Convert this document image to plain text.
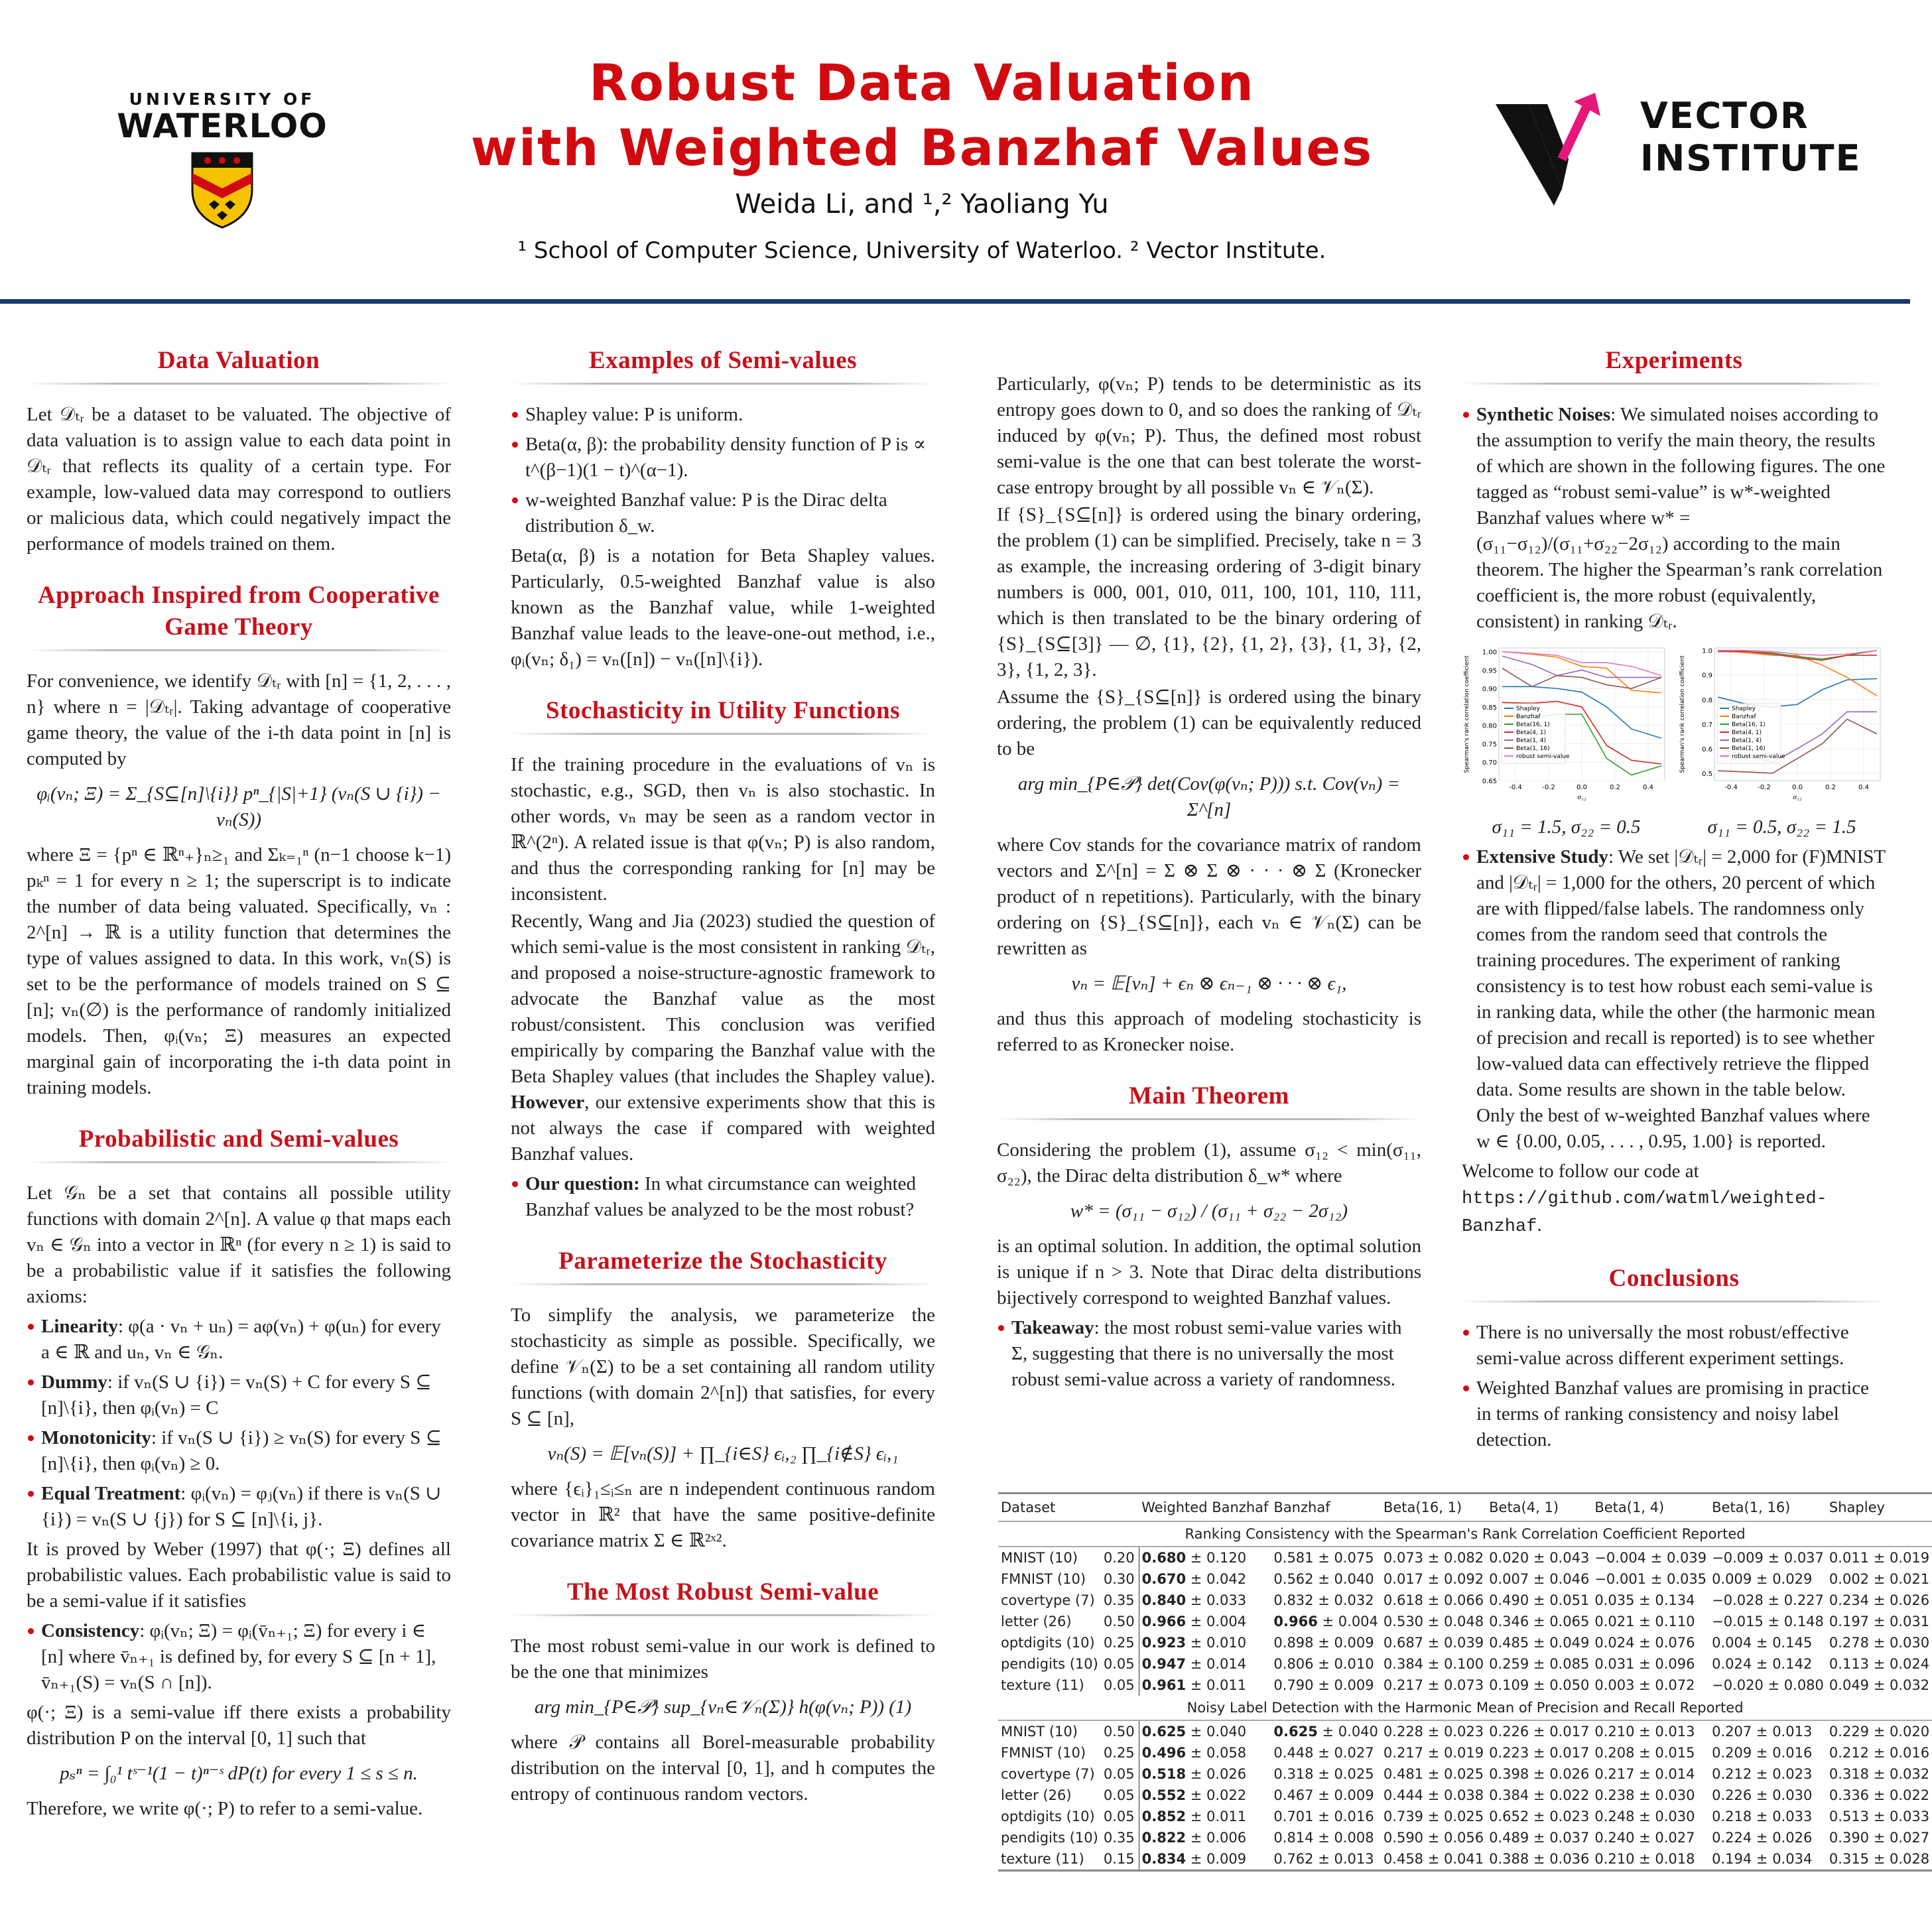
UNIVERSITY OF
WATERLOO
Robust Data Valuation
with Weighted Banzhaf Values
Weida Li, and ¹,² Yaoliang Yu
¹ School of Computer Science, University of Waterloo. ² Vector Institute.
VECTOR
INSTITUTE
Data Valuation

Let 𝒟ₜᵣ be a dataset to be valuated. The objective of data valuation is to assign value to each data point in 𝒟ₜᵣ that reflects its quality of a certain type. For example, low-valued data may correspond to outliers or malicious data, which could negatively impact the performance of models trained on them.

Approach Inspired from Cooperative Game Theory

For convenience, we identify 𝒟ₜᵣ with [n] = {1, 2, . . . , n} where n = |𝒟ₜᵣ|. Taking advantage of cooperative game theory, the value of the i-th data point in [n] is computed by

φᵢ(vₙ; Ξ) = Σ_{S⊆[n]\{i}} pⁿ_{|S|+1} (vₙ(S ∪ {i}) − vₙ(S))

where Ξ = {pⁿ ∈ ℝⁿ₊}ₙ≥₁ and Σₖ₌₁ⁿ (n−1 choose k−1) pₖⁿ = 1 for every n ≥ 1; the superscript is to indicate the number of data being valuated. Specifically, vₙ : 2^[n] → ℝ is a utility function that determines the type of values assigned to data. In this work, vₙ(S) is set to be the performance of models trained on S ⊆ [n]; vₙ(∅) is the performance of randomly initialized models. Then, φᵢ(vₙ; Ξ) measures an expected marginal gain of incorporating the i-th data point in training models.

Probabilistic and Semi-values

Let 𝒢ₙ be a set that contains all possible utility functions with domain 2^[n]. A value φ that maps each vₙ ∈ 𝒢ₙ into a vector in ℝⁿ (for every n ≥ 1) is said to be a probabilistic value if it satisfies the following axioms:

Linearity: φ(a · vₙ + uₙ) = aφ(vₙ) + φ(uₙ) for every a ∈ ℝ and uₙ, vₙ ∈ 𝒢ₙ.
Dummy: if vₙ(S ∪ {i}) = vₙ(S) + C for every S ⊆ [n]\{i}, then φᵢ(vₙ) = C
Monotonicity: if vₙ(S ∪ {i}) ≥ vₙ(S) for every S ⊆ [n]\{i}, then φᵢ(vₙ) ≥ 0.
Equal Treatment: φᵢ(vₙ) = φⱼ(vₙ) if there is vₙ(S ∪ {i}) = vₙ(S ∪ {j}) for S ⊆ [n]\{i, j}.

It is proved by Weber (1997) that φ(·; Ξ) defines all probabilistic values. Each probabilistic value is said to be a semi-value if it satisfies

Consistency: φᵢ(vₙ; Ξ) = φᵢ(v̄ₙ₊₁; Ξ) for every i ∈ [n] where v̄ₙ₊₁ is defined by, for every S ⊆ [n + 1], v̄ₙ₊₁(S) = vₙ(S ∩ [n]).

φ(·; Ξ) is a semi-value iff there exists a probability distribution P on the interval [0, 1] such that

pₛⁿ = ∫₀¹ tˢ⁻¹(1 − t)ⁿ⁻ˢ dP(t) for every 1 ≤ s ≤ n.

Therefore, we write φ(·; P) to refer to a semi-value.

Examples of Semi-values
Shapley value: P is uniform.
Beta(α, β): the probability density function of P is ∝ t^(β−1)(1 − t)^(α−1).
w-weighted Banzhaf value: P is the Dirac delta distribution δ_w.

Beta(α, β) is a notation for Beta Shapley values. Particularly, 0.5-weighted Banzhaf value is also known as the Banzhaf value, while 1-weighted Banzhaf value leads to the leave-one-out method, i.e., φᵢ(vₙ; δ₁) = vₙ([n]) − vₙ([n]\{i}).

Stochasticity in Utility Functions

If the training procedure in the evaluations of vₙ is stochastic, e.g., SGD, then vₙ is also stochastic. In other words, vₙ may be seen as a random vector in ℝ^(2ⁿ). A related issue is that φ(vₙ; P) is also random, and thus the corresponding ranking for [n] may be inconsistent.

Recently, Wang and Jia (2023) studied the question of which semi-value is the most consistent in ranking 𝒟ₜᵣ, and proposed a noise-structure-agnostic framework to advocate the Banzhaf value as the most robust/consistent. This conclusion was verified empirically by comparing the Banzhaf value with the Beta Shapley values (that includes the Shapley value). However, our extensive experiments show that this is not always the case if compared with weighted Banzhaf values.

Our question: In what circumstance can weighted Banzhaf values be analyzed to be the most robust?
Parameterize the Stochasticity

To simplify the analysis, we parameterize the stochasticity as simple as possible. Specifically, we define 𝒱ₙ(Σ) to be a set containing all random utility functions (with domain 2^[n]) that satisfies, for every S ⊆ [n],

vₙ(S) = 𝔼[vₙ(S)] + ∏_{i∈S} ϵᵢ,₂ ∏_{i∉S} ϵᵢ,₁

where {ϵᵢ}₁≤ᵢ≤ₙ are n independent continuous random vector in ℝ² that have the same positive-definite covariance matrix Σ ∈ ℝ²ˣ².

The Most Robust Semi-value

The most robust semi-value in our work is defined to be the one that minimizes

arg min_{P∈𝒫} sup_{vₙ∈𝒱ₙ(Σ)} h(φ(vₙ; P)) (1)

where 𝒫 contains all Borel-measurable probability distribution on the interval [0, 1], and h computes the entropy of continuous random vectors.

Particularly, φ(vₙ; P) tends to be deterministic as its entropy goes down to 0, and so does the ranking of 𝒟ₜᵣ induced by φ(vₙ; P). Thus, the defined most robust semi-value is the one that can best tolerate the worst-case entropy brought by all possible vₙ ∈ 𝒱ₙ(Σ).

If {S}_{S⊆[n]} is ordered using the binary ordering, the problem (1) can be simplified. Precisely, take n = 3 as example, the increasing ordering of 3-digit binary numbers is 000, 001, 010, 011, 100, 101, 110, 111, which is then translated to be the binary ordering of {S}_{S⊆[3]} — ∅, {1}, {2}, {1, 2}, {3}, {1, 3}, {2, 3}, {1, 2, 3}.

Assume the {S}_{S⊆[n]} is ordered using the binary ordering, the problem (1) can be equivalently reduced to be

arg min_{P∈𝒫} det(Cov(φ(vₙ; P))) s.t. Cov(vₙ) = Σ^[n]

where Cov stands for the covariance matrix of random vectors and Σ^[n] = Σ ⊗ Σ ⊗ · · · ⊗ Σ (Kronecker product of n repetitions). Particularly, with the binary ordering on {S}_{S⊆[n]}, each vₙ ∈ 𝒱ₙ(Σ) can be rewritten as

vₙ = 𝔼[vₙ] + ϵₙ ⊗ ϵₙ₋₁ ⊗ · · · ⊗ ϵ₁,

and thus this approach of modeling stochasticity is referred to as Kronecker noise.

Main Theorem

Considering the problem (1), assume σ₁₂ < min(σ₁₁, σ₂₂), the Dirac delta distribution δ_w* where

w* = (σ₁₁ − σ₁₂) / (σ₁₁ + σ₂₂ − 2σ₁₂)

is an optimal solution. In addition, the optimal solution is unique if n > 3. Note that Dirac delta distributions bijectively correspond to weighted Banzhaf values.

Takeaway: the most robust semi-value varies with Σ, suggesting that there is no universally the most robust semi-value across a variety of randomness.
Experiments
Synthetic Noises: We simulated noises according to the assumption to verify the main theory, the results of which are shown in the following figures. The one tagged as “robust semi-value” is w*-weighted Banzhaf values where w* = (σ₁₁−σ₁₂)/(σ₁₁+σ₂₂−2σ₁₂) according to the main theorem. The higher the Spearman’s rank correlation coefficient is, the more robust (equivalently, consistent) in ranking 𝒟ₜᵣ.
0.65
0.70
0.75
0.80
0.85
0.90
0.95
1.00
-0.4	-0.2	0.0	0.2	0.4
σ₁₂
Spearman's rank correlation coefficient	Shapley
Banzhaf
Beta(16, 1)
Beta(4, 1)
Beta(1, 4)
Beta(1, 16)
robust semi-value
σ₁₁ = 1.5, σ₂₂ = 0.5
0.5
0.6
0.7
0.8
0.9
1.0
-0.4	-0.2	0.0	0.2	0.4
σ₁₂
Spearman's rank correlation coefficient	Shapley
Banzhaf
Beta(16, 1)
Beta(4, 1)
Beta(1, 4)
Beta(1, 16)
robust semi-value
σ₁₁ = 0.5, σ₂₂ = 1.5
Extensive Study: We set |𝒟ₜᵣ| = 2,000 for (F)MNIST and |𝒟ₜᵣ| = 1,000 for the others, 20 percent of which are with flipped/false labels. The randomness only comes from the random seed that controls the training procedures. The experiment of ranking consistency is to test how robust each semi-value is in ranking data, while the other (the harmonic mean of precision and recall is reported) is to see whether low-valued data can effectively retrieve the flipped data. Some results are shown in the table below. Only the best of w-weighted Banzhaf values where w ∈ {0.00, 0.05, . . . , 0.95, 1.00} is reported.

Welcome to follow our code at https://github.com/watml/weighted-Banzhaf.

Conclusions
There is no universally the most robust/effective semi-value across different experiment settings.
Weighted Banzhaf values are promising in practice in terms of ranking consistency and noisy label detection.
Dataset		Weighted Banzhaf	Banzhaf	Beta(16, 1)	Beta(4, 1)	Beta(1, 4)	Beta(1, 16)	Shapley
Ranking Consistency with the Spearman's Rank Correlation Coefficient Reported								
MNIST (10)	0.20	0.680 ± 0.120	0.581 ± 0.075	0.073 ± 0.082	0.020 ± 0.043	−0.004 ± 0.039	−0.009 ± 0.037	0.011 ± 0.019
FMNIST (10)	0.30	0.670 ± 0.042	0.562 ± 0.040	0.017 ± 0.092	0.007 ± 0.046	−0.001 ± 0.035	0.009 ± 0.029	0.002 ± 0.021
covertype (7)	0.35	0.840 ± 0.033	0.832 ± 0.032	0.618 ± 0.066	0.490 ± 0.051	0.035 ± 0.134	−0.028 ± 0.227	0.234 ± 0.026
letter (26)	0.50	0.966 ± 0.004	0.966 ± 0.004	0.530 ± 0.048	0.346 ± 0.065	0.021 ± 0.110	−0.015 ± 0.148	0.197 ± 0.031
optdigits (10)	0.25	0.923 ± 0.010	0.898 ± 0.009	0.687 ± 0.039	0.485 ± 0.049	0.024 ± 0.076	0.004 ± 0.145	0.278 ± 0.030
pendigits (10)	0.05	0.947 ± 0.014	0.806 ± 0.010	0.384 ± 0.100	0.259 ± 0.085	0.031 ± 0.096	0.024 ± 0.142	0.113 ± 0.024
texture (11)	0.05	0.961 ± 0.011	0.790 ± 0.009	0.217 ± 0.073	0.109 ± 0.050	0.003 ± 0.072	−0.020 ± 0.080	0.049 ± 0.032
Noisy Label Detection with the Harmonic Mean of Precision and Recall Reported								
MNIST (10)	0.50	0.625 ± 0.040	0.625 ± 0.040	0.228 ± 0.023	0.226 ± 0.017	0.210 ± 0.013	0.207 ± 0.013	0.229 ± 0.020
FMNIST (10)	0.25	0.496 ± 0.058	0.448 ± 0.027	0.217 ± 0.019	0.223 ± 0.017	0.208 ± 0.015	0.209 ± 0.016	0.212 ± 0.016
covertype (7)	0.05	0.518 ± 0.026	0.318 ± 0.025	0.481 ± 0.025	0.398 ± 0.026	0.217 ± 0.014	0.212 ± 0.023	0.318 ± 0.032
letter (26)	0.05	0.552 ± 0.022	0.467 ± 0.009	0.444 ± 0.038	0.384 ± 0.022	0.238 ± 0.030	0.226 ± 0.030	0.336 ± 0.022
optdigits (10)	0.05	0.852 ± 0.011	0.701 ± 0.016	0.739 ± 0.025	0.652 ± 0.023	0.248 ± 0.030	0.218 ± 0.033	0.513 ± 0.033
pendigits (10)	0.35	0.822 ± 0.006	0.814 ± 0.008	0.590 ± 0.056	0.489 ± 0.037	0.240 ± 0.027	0.224 ± 0.026	0.390 ± 0.027
texture (11)	0.15	0.834 ± 0.009	0.762 ± 0.013	0.458 ± 0.041	0.388 ± 0.036	0.210 ± 0.018	0.194 ± 0.034	0.315 ± 0.028
